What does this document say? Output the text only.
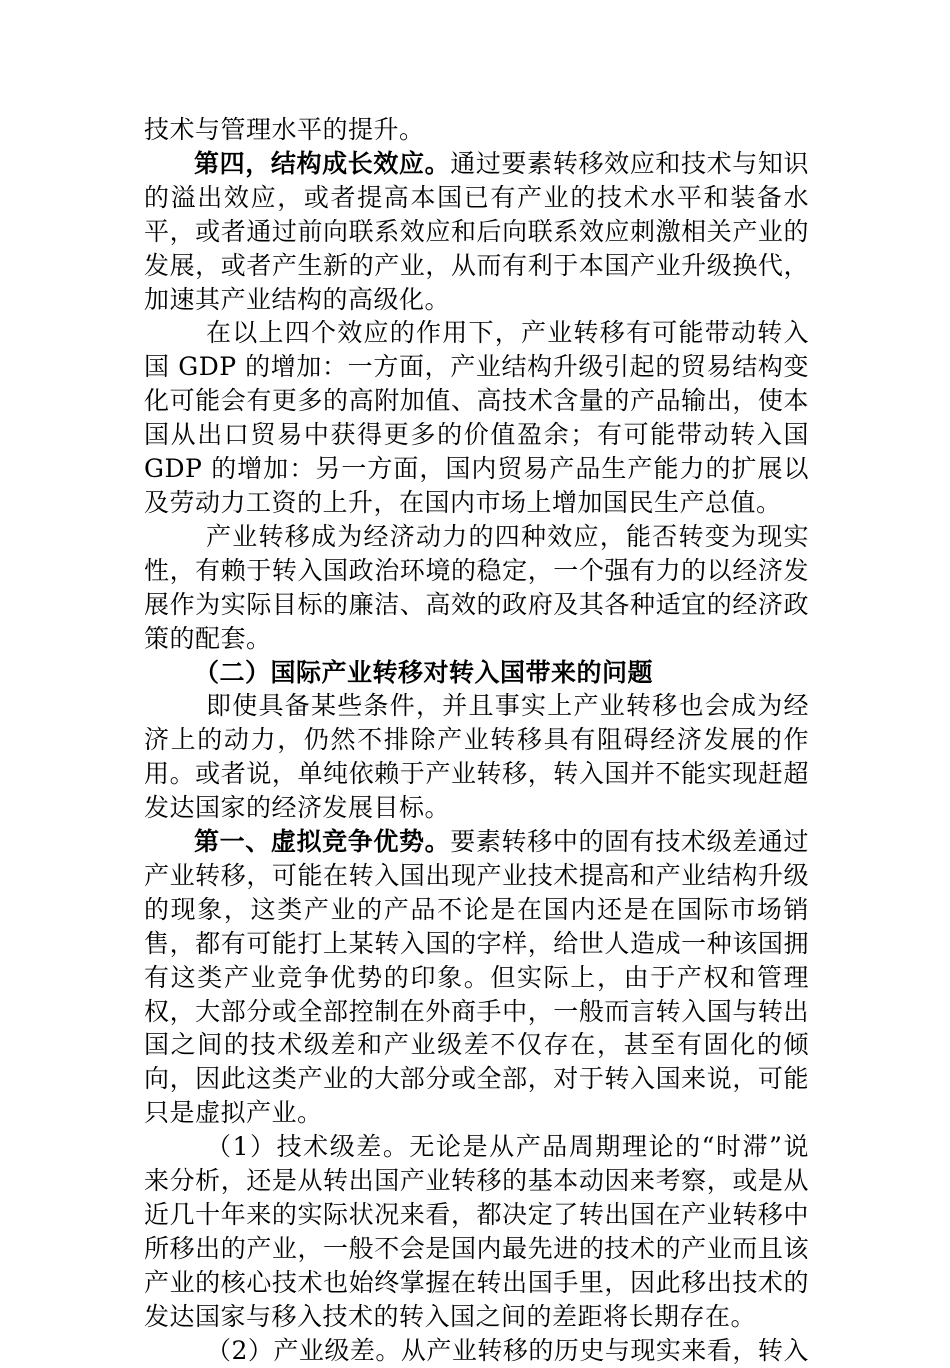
技术与管理水平的提升。

第四，结构成长效应。通过要素转移效应和技术与知识的溢出效应，或者提高本国已有产业的技术水平和装备水平，或者通过前向联系效应和后向联系效应刺激相关产业的发展，或者产生新的产业，从而有利于本国产业升级换代，加速其产业结构的高级化。

在以上四个效应的作用下，产业转移有可能带动转入国 GDP 的增加：一方面，产业结构升级引起的贸易结构变化可能会有更多的高附加值、高技术含量的产品输出，使本国从出口贸易中获得更多的价值盈余；有可能带动转入国 GDP 的增加：另一方面，国内贸易产品生产能力的扩展以及劳动力工资的上升，在国内市场上增加国民生产总值。

产业转移成为经济动力的四种效应，能否转变为现实性，有赖于转入国政治环境的稳定，一个强有力的以经济发展作为实际目标的廉洁、高效的政府及其各种适宜的经济政策的配套。

（二）国际产业转移对转入国带来的问题

即使具备某些条件，并且事实上产业转移也会成为经济上的动力，仍然不排除产业转移具有阻碍经济发展的作用。或者说，单纯依赖于产业转移，转入国并不能实现赶超发达国家的经济发展目标。

第一、虚拟竞争优势。要素转移中的固有技术级差通过产业转移，可能在转入国出现产业技术提高和产业结构升级的现象，这类产业的产品不论是在国内还是在国际市场销售，都有可能打上某转入国的字样，给世人造成一种该国拥有这类产业竞争优势的印象。但实际上，由于产权和管理权，大部分或全部控制在外商手中，一般而言转入国与转出国之间的技术级差和产业级差不仅存在，甚至有固化的倾向，因此这类产业的大部分或全部，对于转入国来说，可能只是虚拟产业。

（1）技术级差。无论是从产品周期理论的“时滞”说来分析，还是从转出国产业转移的基本动因来考察，或是从近几十年来的实际状况来看，都决定了转出国在产业转移中所移出的产业，一般不会是国内最先进的技术的产业而且该产业的核心技术也始终掌握在转出国手里，因此移出技术的发达国家与移入技术的转入国之间的差距将长期存在。

（2）产业级差。从产业转移的历史与现实来看，转入
